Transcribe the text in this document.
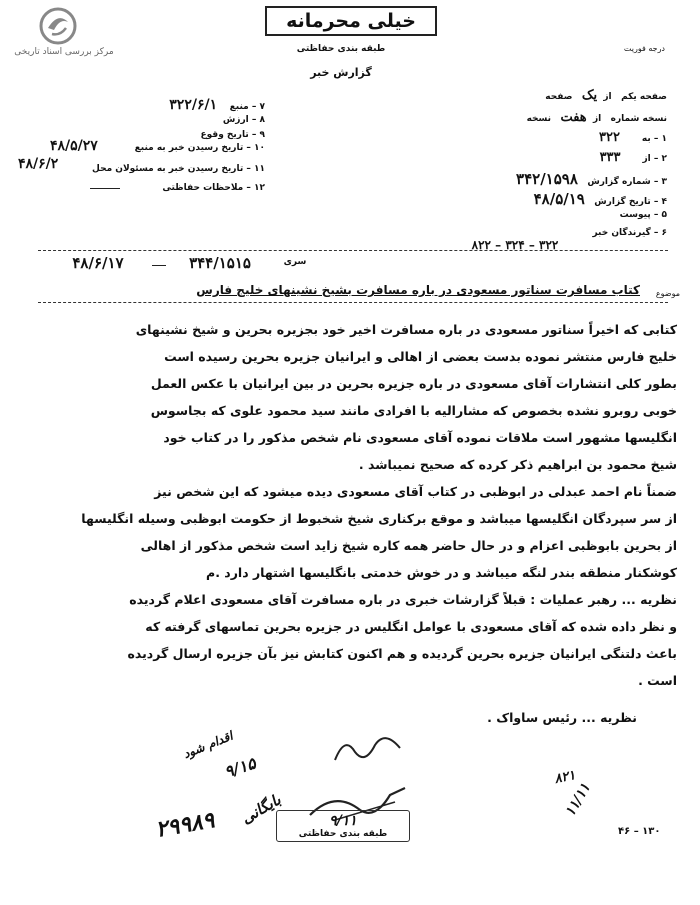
مرکز بررسی اسناد تاریخی
خیلی محرمانه
طبقه بندی حفاظتی	درجه فوریت
گزارش خبر
صفحه یکم   از  یک   صفحه
نسخه شماره   از  هفت   نسخه
۱ – به       ۳۲۲
۲ – از       ۳۳۳
۳ – شماره گزارش   ۳۴۲/۱۵۹۸
۴ – تاریخ گزارش   ۴۸/۵/۱۹
۵ – پیوست
۶ – گیرندگان خبر
۸۲۲ – ۳۲۴ – ۳۲۲
۷ – منبع    ۳۲۲/۶/۱
۸ – ارزش
۹ – تاریخ وقوع
۱۰ – تاریخ رسیدن خبر به منبع
۴۸/۵/۲۷
۱۱ – تاریخ رسیدن خبر به مسئولان محل
۴۸/۶/۲
۱۲ – ملاحظات حفاظتی
۳۴۴/۱۵۱۵
۴۸/۶/۱۷	سری
موضوع
کتاب مسافرت سناتور مسعودی در باره مسافرت بشیخ نشینهای خلیج فارس
کتابی که اخیراً سناتور مسعودی در باره مسافرت اخیر خود بجزیره بحرین و شیخ نشینهای
خلیج فارس منتشر نموده بدست بعضی از اهالی و ایرانیان جزیره بحرین رسیده است
بطور کلی انتشارات آقای مسعودی در باره جزیره بحرین در بین ایرانیان با عکس العمل
خوبی روبرو نشده بخصوص که مشارالیه با افرادی مانند سید محمود علوی که بجاسوس
انگلیسها مشهور است ملاقات نموده آقای مسعودی نام شخص مذکور را در کتاب خود
شیخ محمود بن ابراهیم ذکر کرده که صحیح نمیباشد .
ضمناً نام احمد عبدلی در ابوظبی در کتاب آقای مسعودی دیده میشود که این شخص نیز
از سر سپردگان انگلیسها میباشد و موقع برکناری شیخ شخبوط از حکومت ابوظبی وسیله انگلیسها
از بحرین بابوظبی اعزام و در حال حاضر همه کاره شیخ زاید است شخص مذکور از اهالی
کوشکنار منطقه بندر لنگه میباشد و در خوش خدمتی بانگلیسها اشتهار دارد .م
نظریه ... رهبر عملیات : قبلاً گزارشات خبری در باره مسافرت آقای مسعودی اعلام گردیده
و نظر داده شده که آقای مسعودی با عوامل انگلیس در جزیره بحرین تماسهای گرفته که
باعث دلتنگی ایرانیان جزیره بحرین گردیده و هم اکنون کتابش نیز بآن جزیره ارسال گردیده
است .
نظریه ... رئیس ساواک .
۹/۱۵
اقدام شود
بایگانی
۲۹۹۸۹	۹/۱۱
طبقه بندی حفاظتی
۸۲۱
۱۱/۱۱
۴۶ – ۱۳۰
